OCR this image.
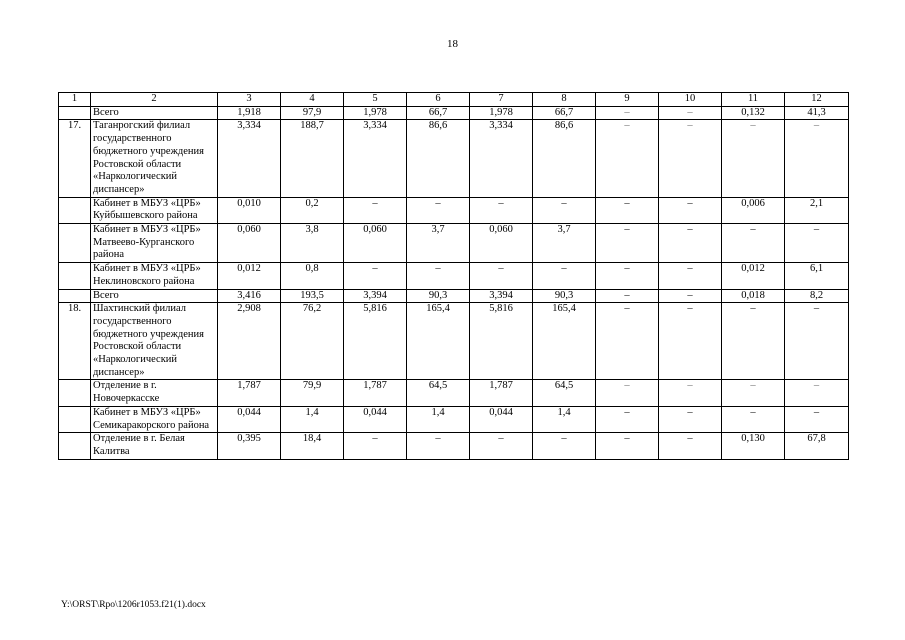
18
1	2	3	4	5	6	7	8	9	10	11	12
	Всего	1,918	97,9	1,978	66,7	1,978	66,7	–	–	0,132	41,3
17.	Таганрогский филиал государственного бюджетного учреждения Ростовской области «Наркологический диспансер»	3,334	188,7	3,334	86,6	3,334	86,6	–	–	–	–
	Кабинет в МБУЗ «ЦРБ» Куйбышевского района	0,010	0,2	–	–	–	–	–	–	0,006	2,1
	Кабинет в МБУЗ «ЦРБ» Матвеево-Курганского района	0,060	3,8	0,060	3,7	0,060	3,7	–	–	–	–
	Кабинет в МБУЗ «ЦРБ» Неклиновского района	0,012	0,8	–	–	–	–	–	–	0,012	6,1
	Всего	3,416	193,5	3,394	90,3	3,394	90,3	–	–	0,018	8,2
18.	Шахтинский филиал государственного бюджетного учреждения Ростовской области «Наркологический диспансер»	2,908	76,2	5,816	165,4	5,816	165,4	–	–	–	–
	Отделение в г. Новочеркасске	1,787	79,9	1,787	64,5	1,787	64,5	–	–	–	–
	Кабинет в МБУЗ «ЦРБ» Семикаракорского района	0,044	1,4	0,044	1,4	0,044	1,4	–	–	–	–
	Отделение в г. Белая Калитва	0,395	18,4	–	–	–	–	–	–	0,130	67,8
Y:\ORST\Rpo\1206r1053.f21(1).docx
